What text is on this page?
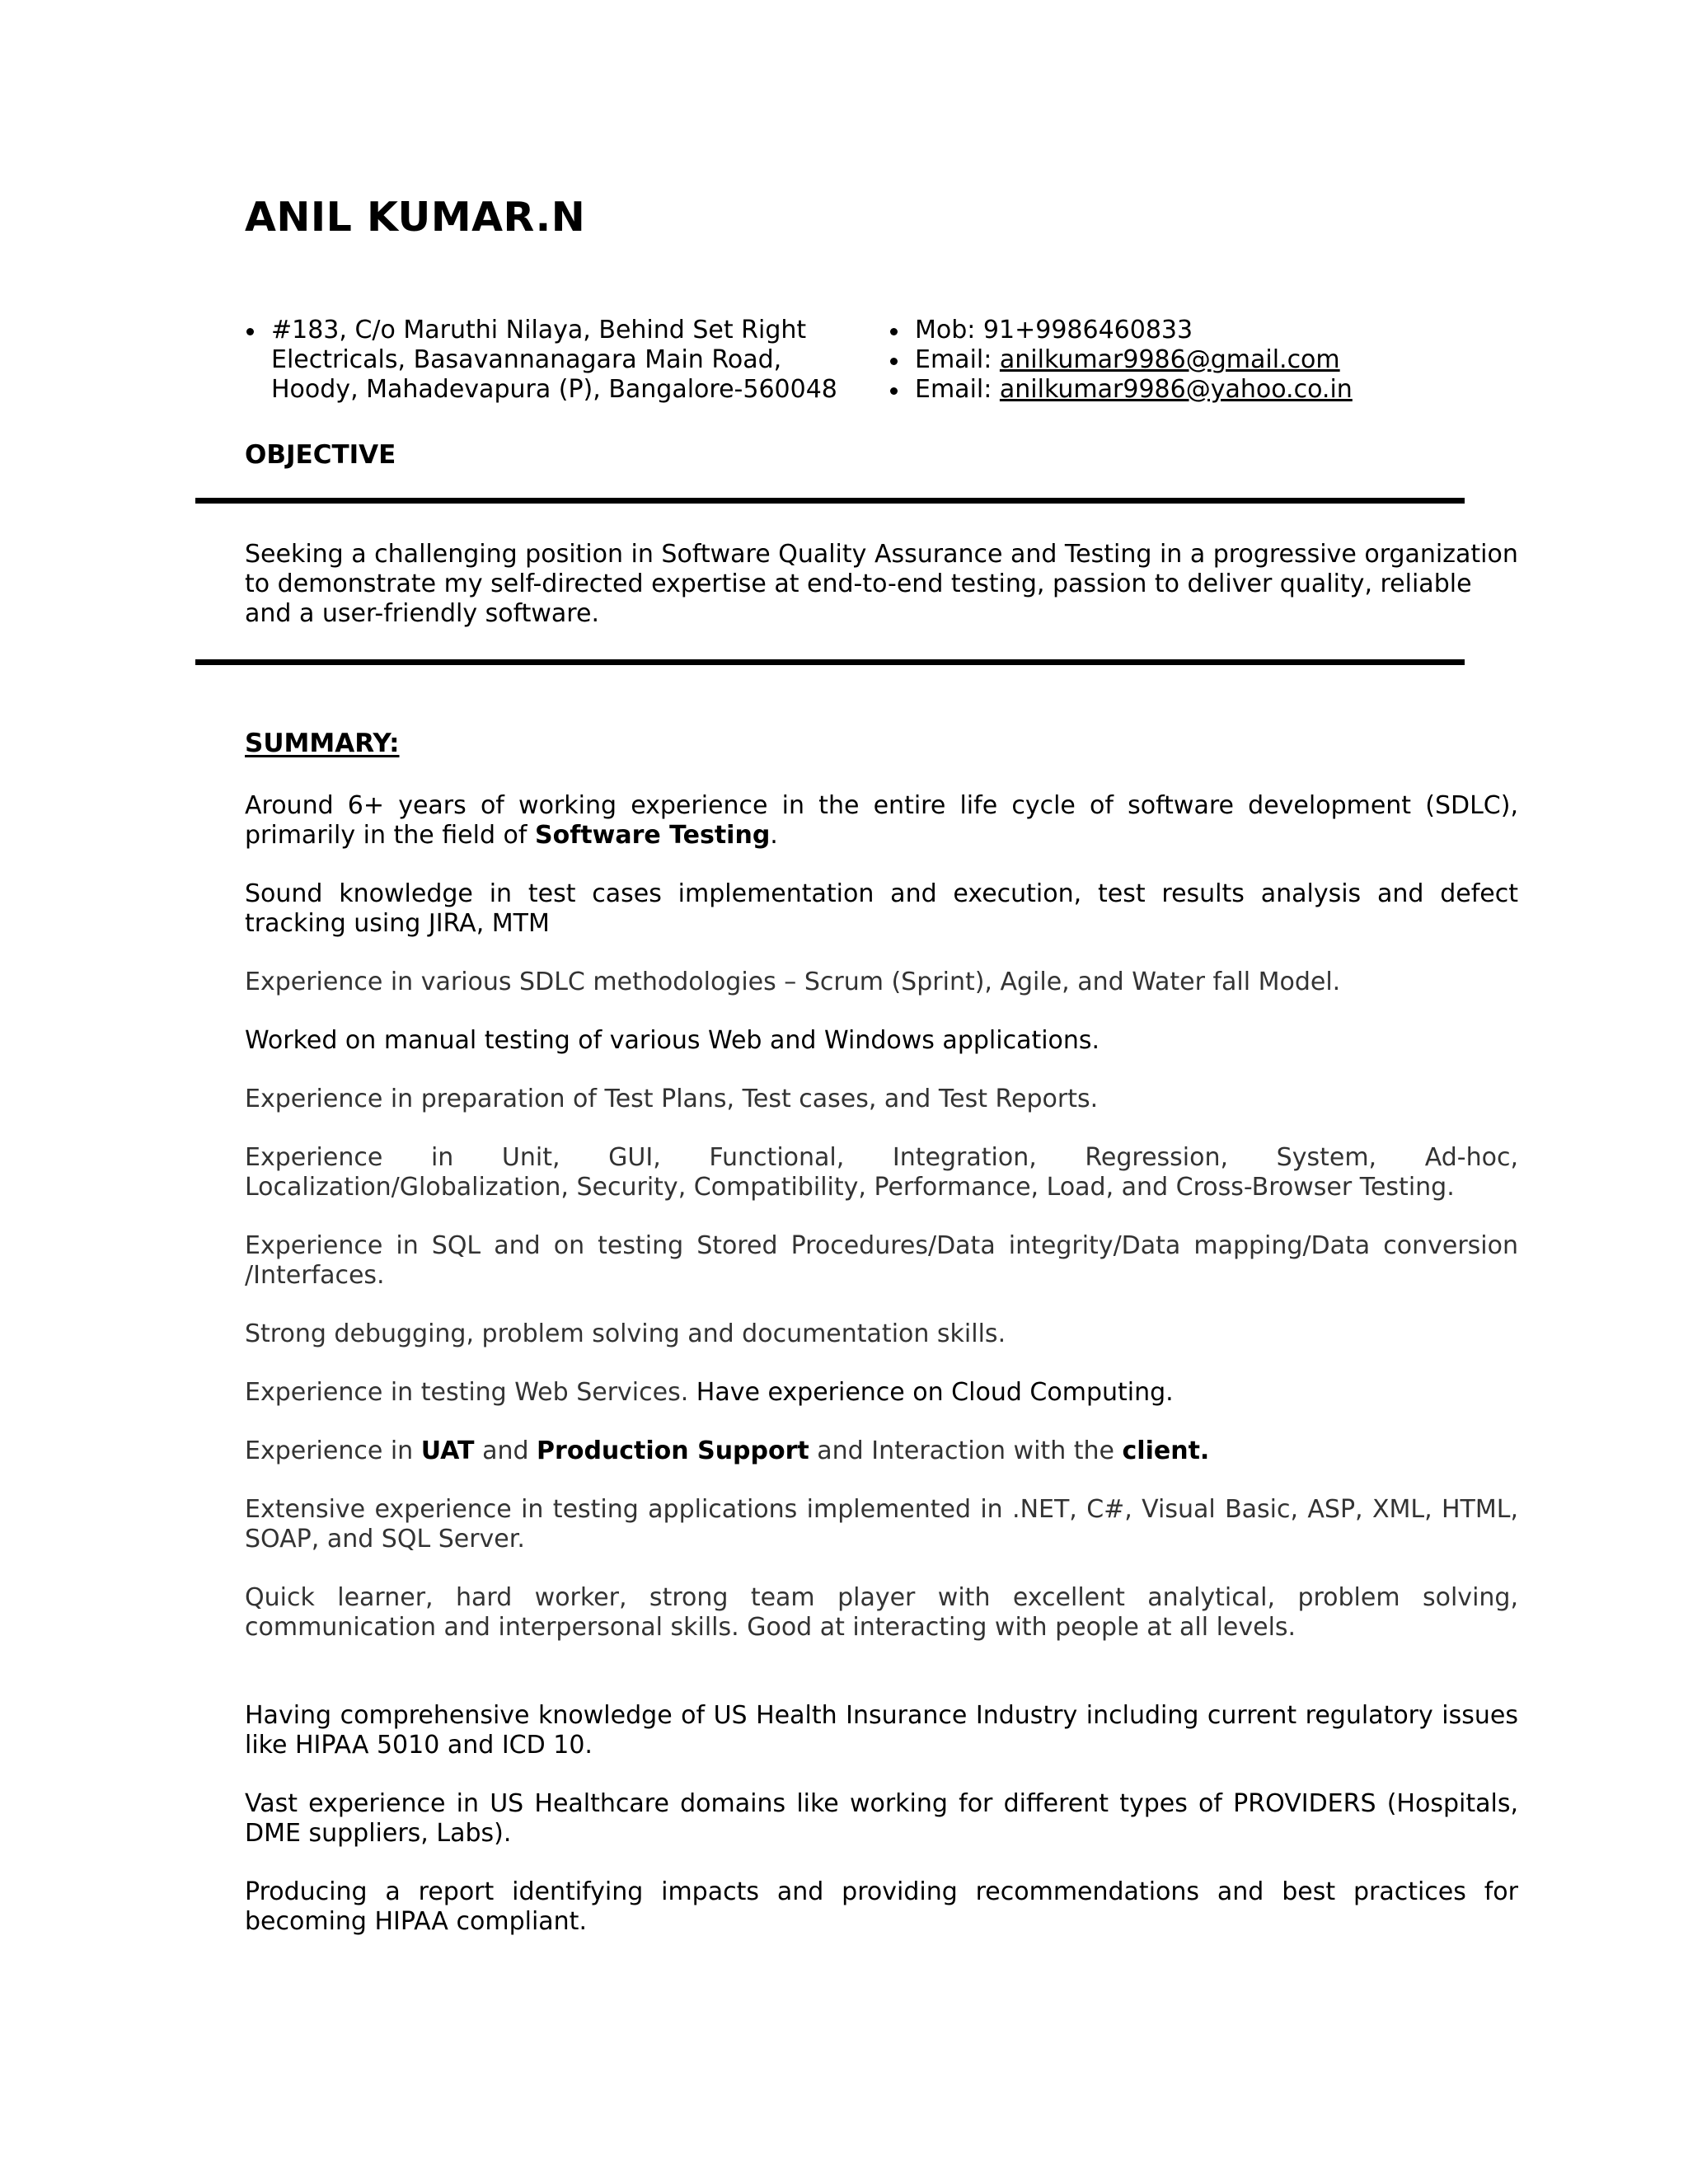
ANIL KUMAR.N
#183, C/o Maruthi Nilaya, Behind Set Right Electricals, Basavannanagara Main Road, Hoody, Mahadevapura (P), Bangalore-560048
Mob: 91+9986460833
Email: anilkumar9986@gmail.com
Email: anilkumar9986@yahoo.co.in
OBJECTIVE

Seeking a challenging position in Software Quality Assurance and Testing in a progressive organization to demonstrate my self-directed expertise at end-to-end testing, passion to deliver quality, reliable and a user-friendly software.

SUMMARY:

Around 6+ years of working experience in the entire life cycle of software development (SDLC), primarily in the field of Software Testing.

Sound knowledge in test cases implementation and execution, test results analysis and defect tracking using JIRA, MTM

Experience in various SDLC methodologies – Scrum (Sprint), Agile, and Water fall Model.

Worked on manual testing of various Web and Windows applications.

Experience in preparation of Test Plans, Test cases, and Test Reports.

Experience in Unit, GUI, Functional, Integration, Regression, System, Ad-hoc, Localization/Globalization, Security, Compatibility, Performance, Load, and Cross-Browser Testing.

Experience in SQL and on testing Stored Procedures/Data integrity/Data mapping/Data conversion /Interfaces.

Strong debugging, problem solving and documentation skills.

Experience in testing Web Services. Have experience on Cloud Computing.

Experience in UAT and Production Support and Interaction with the client.

Extensive experience in testing applications implemented in .NET, C#, Visual Basic, ASP, XML, HTML, SOAP, and SQL Server.

Quick learner, hard worker, strong team player with excellent analytical, problem solving, communication and interpersonal skills. Good at interacting with people at all levels.

Having comprehensive knowledge of US Health Insurance Industry including current regulatory issues like HIPAA 5010 and ICD 10.

Vast experience in US Healthcare domains like working for different types of PROVIDERS (Hospitals, DME suppliers, Labs).

Producing a report identifying impacts and providing recommendations and best practices for becoming HIPAA compliant.
